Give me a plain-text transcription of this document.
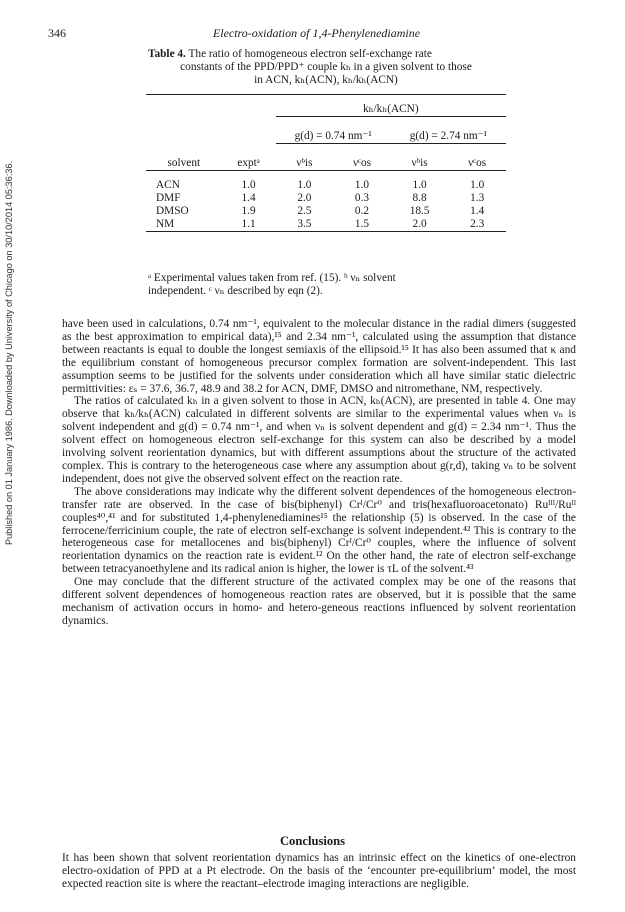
Published on 01 January 1986. Downloaded by University of Chicago on 30/10/2014 05:36:36.
346	Electro-oxidation of 1,4-Phenylenediamine
Table 4. The ratio of homogeneous electron self-exchange rate
constants of the PPD/PPD⁺ couple kₕ in a given solvent to those
in ACN, kₕ(ACN), kₕ/kₕ(ACN)

		kₕ/kₕ(ACN)			

		g(d) = 0.74 nm⁻¹		g(d) = 2.74 nm⁻¹	

solvent	exptᵃ	νᵇis	νᶜos	νᵇis	νᶜos

ACN	1.0	1.0	1.0	1.0	1.0
DMF	1.4	2.0	0.3	8.8	1.3
DMSO	1.9	2.5	0.2	18.5	1.4
NM	1.1	3.5	1.5	2.0	2.3

ᵃ Experimental values taken from ref. (15). ᵇ νₙ solvent
independent. ᶜ νₙ described by eqn (2).

have been used in calculations, 0.74 nm⁻¹, equivalent to the molecular distance in the radial dimers (suggested as the best approximation to empirical data),¹⁵ and 2.34 nm⁻¹, calculated using the assumption that distance between reactants is equal to double the longest semiaxis of the ellipsoid.¹⁵ It has also been assumed that κ and the equilibrium constant of homogeneous precursor complex formation are solvent-independent. This last assumption seems to be justified for the solvents under consideration which all have similar static dielectric permittivities: εₛ = 37.6, 36.7, 48.9 and 38.2 for ACN, DMF, DMSO and nitromethane, NM, respectively.

The ratios of calculated kₕ in a given solvent to those in ACN, kₕ(ACN), are presented in table 4. One may observe that kₕ/kₕ(ACN) calculated in different solvents are similar to the experimental values when νₙ is solvent independent and g(d) = 0.74 nm⁻¹, and when νₙ is solvent dependent and g(d) = 2.34 nm⁻¹. Thus the solvent effect on homogeneous electron self-exchange for this system can also be described by a model involving solvent reorientation dynamics, but with different assumptions about the structure of the activated complex. This is contrary to the heterogeneous case where any assumption about g(r,d), taking νₙ to be solvent independent, does not give the observed solvent effect on the reaction rate.

The above considerations may indicate why the different solvent dependences of the homogeneous electron-transfer rate are observed. In the case of bis(biphenyl) Crᴵ/Cr⁰ and tris(hexafluoroacetonato) Ruᴵᴵᴵ/Ruᴵᴵ couples⁴⁰,⁴¹ and for substituted 1,4-phenylenediamines¹⁵ the relationship (5) is observed. In the case of the ferrocene/ferricinium couple, the rate of electron self-exchange is solvent independent.⁴² This is contrary to the heterogeneous case for metallocenes and bis(biphenyl) Crᴵ/Cr⁰ couples, where the influence of solvent reorientation dynamics on the reaction rate is evident.¹² On the other hand, the rate of electron self-exchange between tetracyanoethylene and its radical anion is higher, the lower is τL of the solvent.⁴³

One may conclude that the different structure of the activated complex may be one of the reasons that different solvent dependences of homogeneous reaction rates are observed, but it is possible that the same mechanism of activation occurs in homo- and hetero-geneous reactions influenced by solvent reorientation dynamics.

Conclusions

It has been shown that solvent reorientation dynamics has an intrinsic effect on the kinetics of one-electron electro-oxidation of PPD at a Pt electrode. On the basis of the ‘encounter pre-equilibrium’ model, the most expected reaction site is where the reactant–electrode imaging interactions are negligible.
